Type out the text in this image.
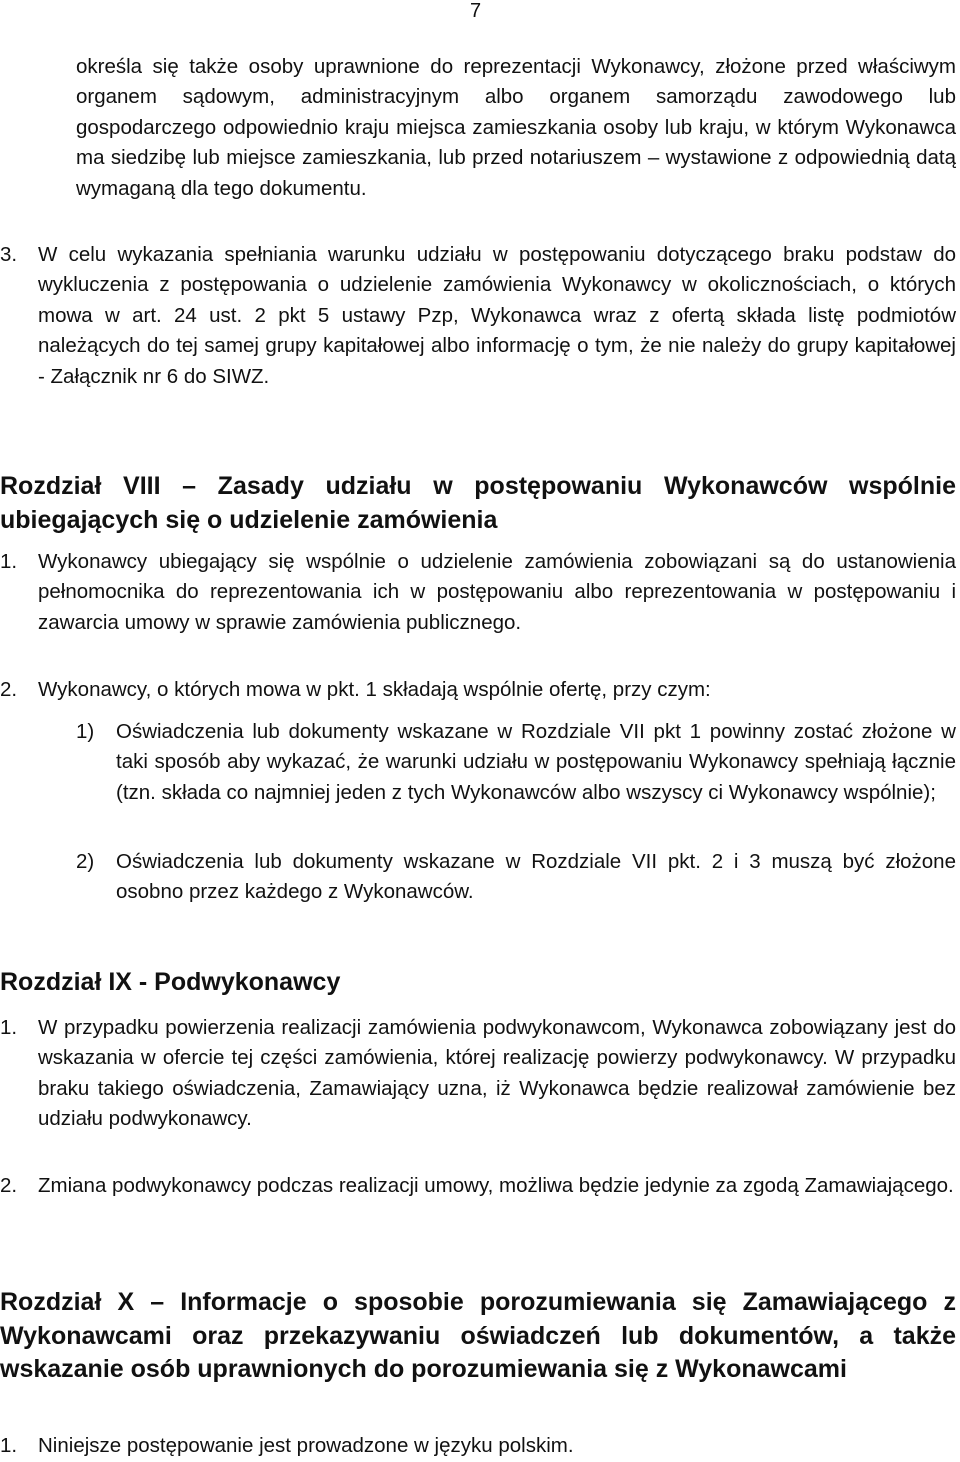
7
określa się także osoby uprawnione do reprezentacji Wykonawcy, złożone przed właściwym organem sądowym, administracyjnym albo organem samorządu zawodowego lub gospodarczego odpowiednio kraju miejsca zamieszkania osoby lub kraju, w którym Wykonawca ma siedzibę lub miejsce zamieszkania, lub przed notariuszem – wystawione z odpowiednią datą wymaganą dla tego dokumentu.
3. W celu wykazania spełniania warunku udziału w postępowaniu dotyczącego braku podstaw do wykluczenia z postępowania o udzielenie zamówienia Wykonawcy w okolicznościach, o których mowa w art. 24 ust. 2 pkt 5 ustawy Pzp, Wykonawca wraz z ofertą składa listę podmiotów należących do tej samej grupy kapitałowej albo informację o tym, że nie należy do grupy kapitałowej - Załącznik nr 6 do SIWZ.
Rozdział VIII – Zasady udziału w postępowaniu Wykonawców wspólnie ubiegających się o udzielenie zamówienia
1. Wykonawcy ubiegający się wspólnie o udzielenie zamówienia zobowiązani są do ustanowienia pełnomocnika do reprezentowania ich w postępowaniu albo reprezentowania w postępowaniu i zawarcia umowy w sprawie zamówienia publicznego.
2. Wykonawcy, o których mowa w pkt. 1 składają wspólnie ofertę, przy czym:
1) Oświadczenia lub dokumenty wskazane w Rozdziale VII pkt 1 powinny zostać złożone w taki sposób aby wykazać, że warunki udziału w postępowaniu Wykonawcy spełniają łącznie (tzn. składa co najmniej jeden z tych Wykonawców albo wszyscy ci Wykonawcy wspólnie);
2) Oświadczenia lub dokumenty wskazane w Rozdziale VII pkt. 2 i 3 muszą być złożone osobno przez każdego z Wykonawców.
Rozdział IX - Podwykonawcy
1. W przypadku powierzenia realizacji zamówienia podwykonawcom, Wykonawca zobowiązany jest do wskazania w ofercie tej części zamówienia, której realizację powierzy podwykonawcy. W przypadku braku takiego oświadczenia, Zamawiający uzna, iż Wykonawca będzie realizował zamówienie bez udziału podwykonawcy.
2. Zmiana podwykonawcy podczas realizacji umowy, możliwa będzie jedynie za zgodą Zamawiającego.
Rozdział X – Informacje o sposobie porozumiewania się Zamawiającego z Wykonawcami oraz przekazywaniu oświadczeń lub dokumentów, a także wskazanie osób uprawnionych do porozumiewania się z Wykonawcami
1. Niniejsze postępowanie jest prowadzone w języku polskim.
